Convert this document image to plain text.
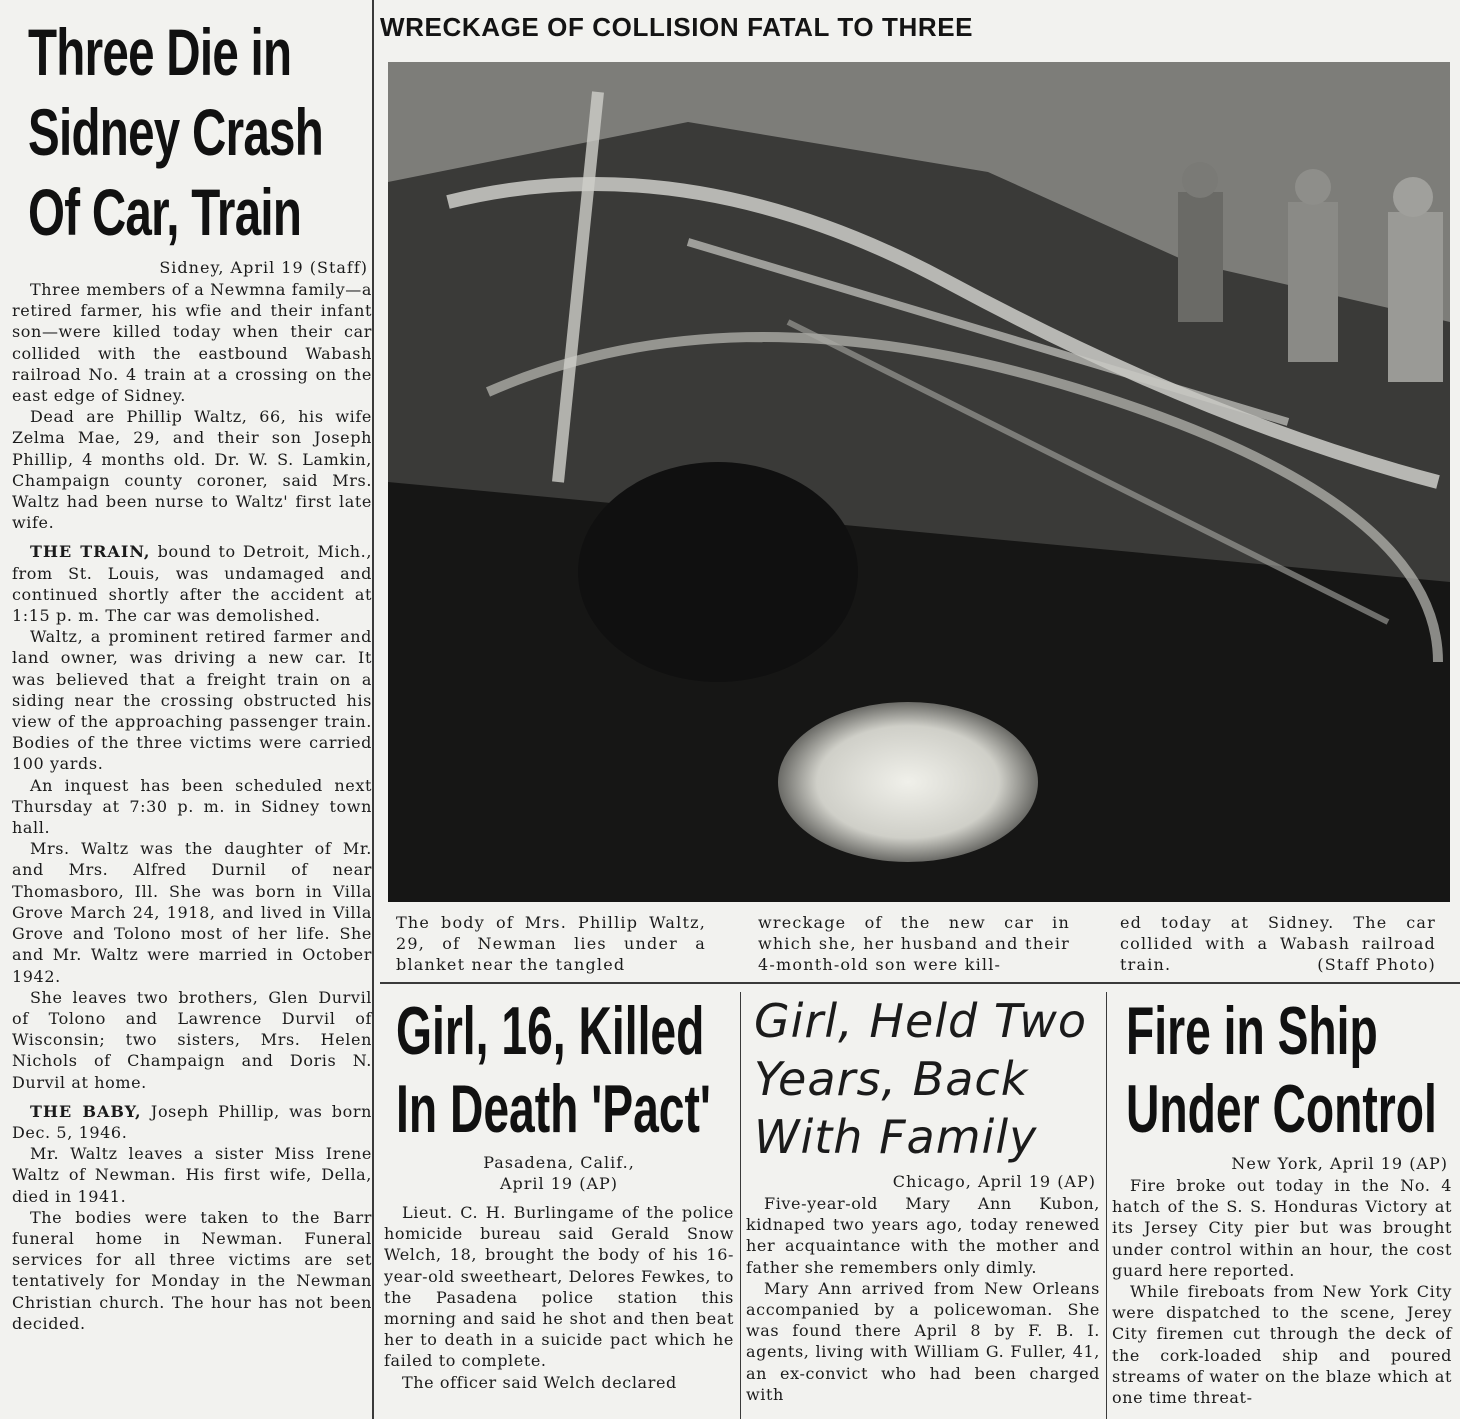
Three Die in
Sidney Crash
Of Car, Train
Sidney, April 19 (Staff)

Three members of a Newmna family—a retired farmer, his wfie and their infant son—were killed today when their car collided with the eastbound Wabash railroad No. 4 train at a crossing on the east edge of Sidney.

Dead are Phillip Waltz, 66, his wife Zelma Mae, 29, and their son Joseph Phillip, 4 months old. Dr. W. S. Lamkin, Champaign county coroner, said Mrs. Waltz had been nurse to Waltz' first late wife.

THE TRAIN, bound to Detroit, Mich., from St. Louis, was undamaged and continued shortly after the accident at 1:15 p. m. The car was demolished.

Waltz, a prominent retired farmer and land owner, was driving a new car. It was believed that a freight train on a siding near the crossing obstructed his view of the approaching passenger train. Bodies of the three victims were carried 100 yards.

An inquest has been scheduled next Thursday at 7:30 p. m. in Sidney town hall.

Mrs. Waltz was the daughter of Mr. and Mrs. Alfred Durnil of near Thomasboro, Ill. She was born in Villa Grove March 24, 1918, and lived in Villa Grove and Tolono most of her life. She and Mr. Waltz were married in October 1942.

She leaves two brothers, Glen Durvil of Tolono and Lawrence Durvil of Wisconsin; two sisters, Mrs. Helen Nichols of Champaign and Doris N. Durvil at home.

THE BABY, Joseph Phillip, was born Dec. 5, 1946.

Mr. Waltz leaves a sister Miss Irene Waltz of Newman. His first wife, Della, died in 1941.

The bodies were taken to the Barr funeral home in Newman. Funeral services for all three victims are set tentatively for Monday in the Newman Christian church. The hour has not been decided.

WRECKAGE OF COLLISION FATAL TO THREE
The body of Mrs. Phillip Waltz, 29, of Newman lies under a blanket near the tangled
wreckage of the new car in which she, her husband and their 4-month-old son were kill-
ed today at Sidney. The car collided with a Wabash railroad train.	(Staff Photo)
Girl, 16, Killed
In Death 'Pact'
Pasadena, Calif.,
April 19 (AP)

Lieut. C. H. Burlingame of the police homicide bureau said Gerald Snow Welch, 18, brought the body of his 16-year-old sweetheart, Delores Fewkes, to the Pasadena police station this morning and said he shot and then beat her to death in a suicide pact which he failed to complete.

The officer said Welch declared

Girl, Held Two
Years, Back
With Family
Chicago, April 19 (AP)

Five-year-old Mary Ann Kubon, kidnaped two years ago, today renewed her acquaintance with the mother and father she remembers only dimly.

Mary Ann arrived from New Orleans accompanied by a policewoman. She was found there April 8 by F. B. I. agents, living with William G. Fuller, 41, an ex-convict who had been charged with

Fire in Ship
Under Control
New York, April 19 (AP)

Fire broke out today in the No. 4 hatch of the S. S. Honduras Victory at its Jersey City pier but was brought under control within an hour, the cost guard here reported.

While fireboats from New York City were dispatched to the scene, Jerey City firemen cut through the deck of the cork-loaded ship and poured streams of water on the blaze which at one time threat-
